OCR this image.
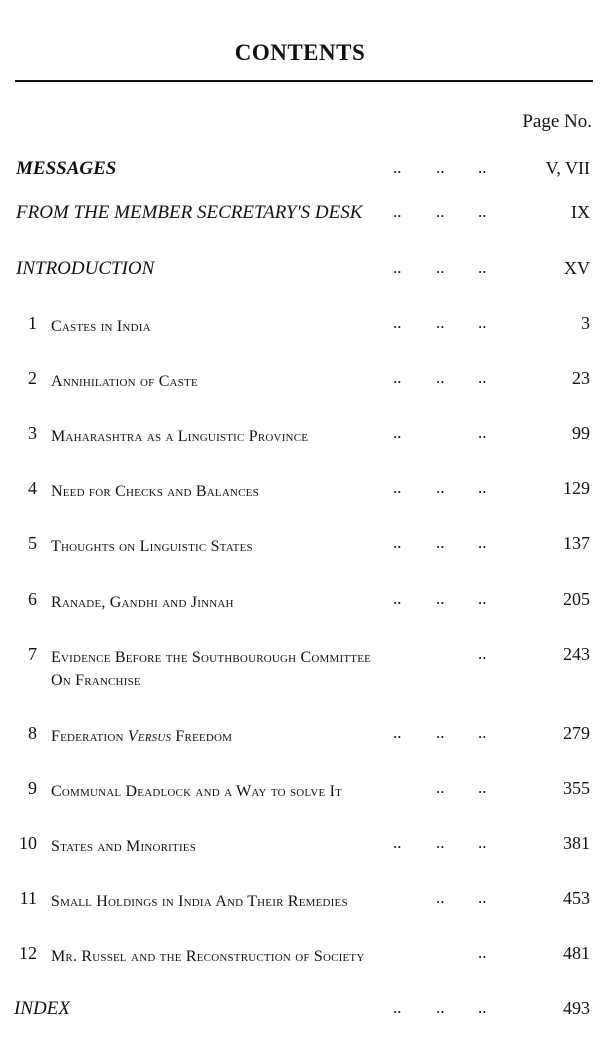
CONTENTS
Page No.
MESSAGES	.. .. ..	V, VII
FROM THE MEMBER SECRETARY'S DESK .. .. ..	IX
INTRODUCTION	.. .. ..	XV
1 Castes in India	.. .. ..	3
2 Annihilation of Caste	.. .. ..	23
3 Maharashtra as a Linguistic Province	..	..	99
4 Need for Checks and Balances	.. .. ..	129
5 Thoughts on Linguistic States	.. .. ..	137
6 Ranade, Gandhi and Jinnah	.. .. ..	205
7 Evidence Before the Southbourough Committee
On Franchise
..	243
8 Federation Versus Freedom	.. .. ..	279
9 Communal Deadlock and a Way to solve It	.. ..	355
10 States and Minorities	.. .. ..	381
11 Small Holdings in India And Their Remedies	.. ..	453
12 Mr. Russel and the Reconstruction of Society	..	481
INDEX	.. .. ..	493
